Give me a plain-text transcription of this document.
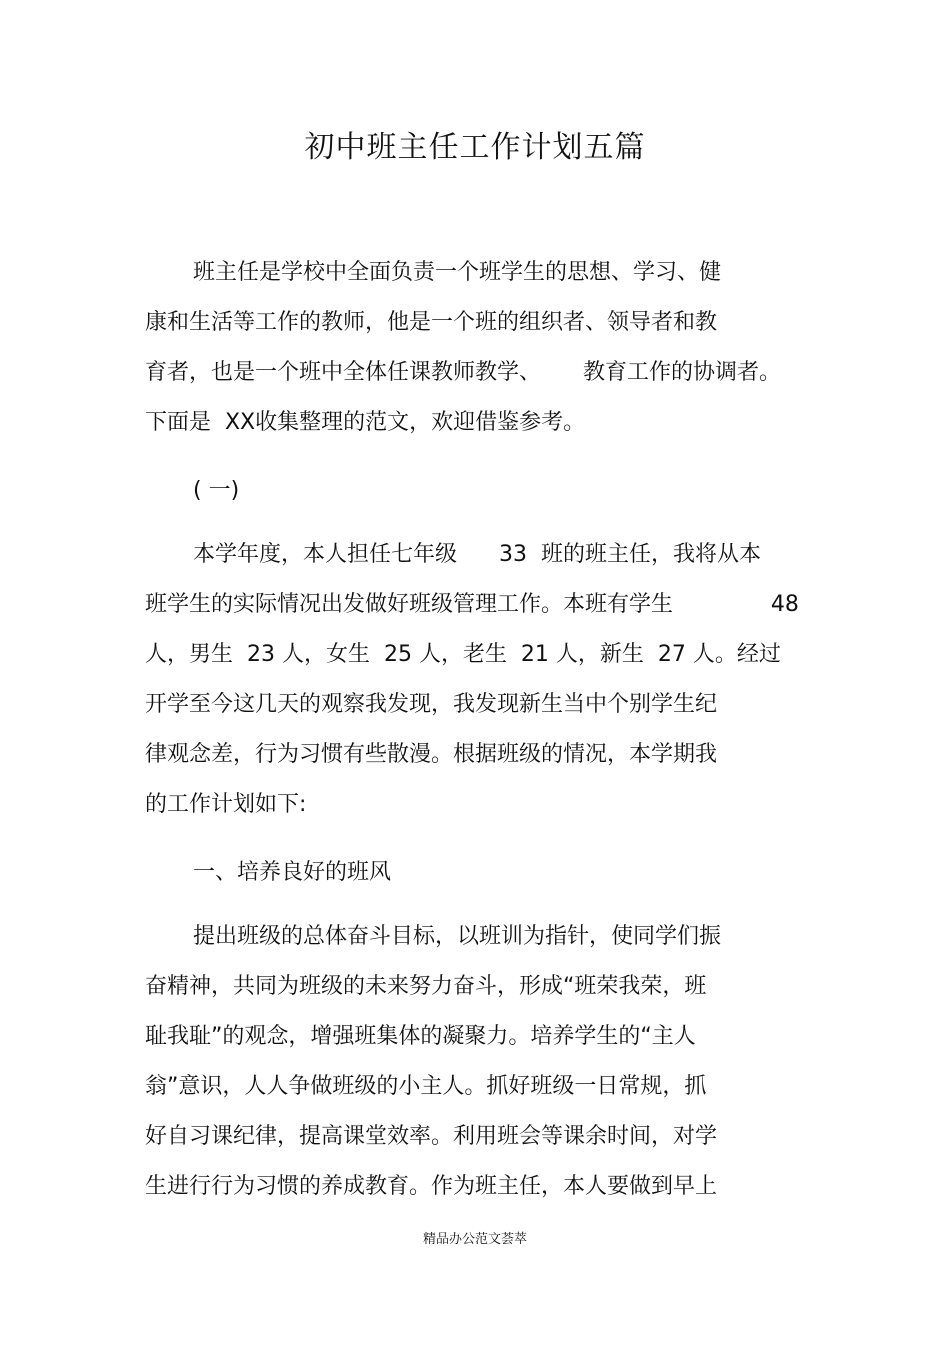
初中班主任工作计划五篇
班主任是学校中全面负责一个班学生的思想、学习、健
康和生活等工作的教师，他是一个班的组织者、领导者和教
育者，也是一个班中全体任课教师教学、      教育工作的协调者。
下面是  XX收集整理的范文，欢迎借鉴参考。
( 一)
本学年度，本人担任七年级      33  班的班主任，我将从本
班学生的实际情况出发做好班级管理工作。本班有学生              48
人，男生  23 人，女生  25 人，老生  21 人，新生  27 人。经过
开学至今这几天的观察我发现，我发现新生当中个别学生纪
律观念差，行为习惯有些散漫。根据班级的情况，本学期我
的工作计划如下:
一、培养良好的班风
提出班级的总体奋斗目标，以班训为指针，使同学们振
奋精神，共同为班级的未来努力奋斗，形成“班荣我荣，班
耻我耻”的观念，增强班集体的凝聚力。培养学生的“主人
翁”意识，人人争做班级的小主人。抓好班级一日常规，抓
好自习课纪律，提高课堂效率。利用班会等课余时间，对学
生进行行为习惯的养成教育。作为班主任，本人要做到早上
精品办公范文荟萃
